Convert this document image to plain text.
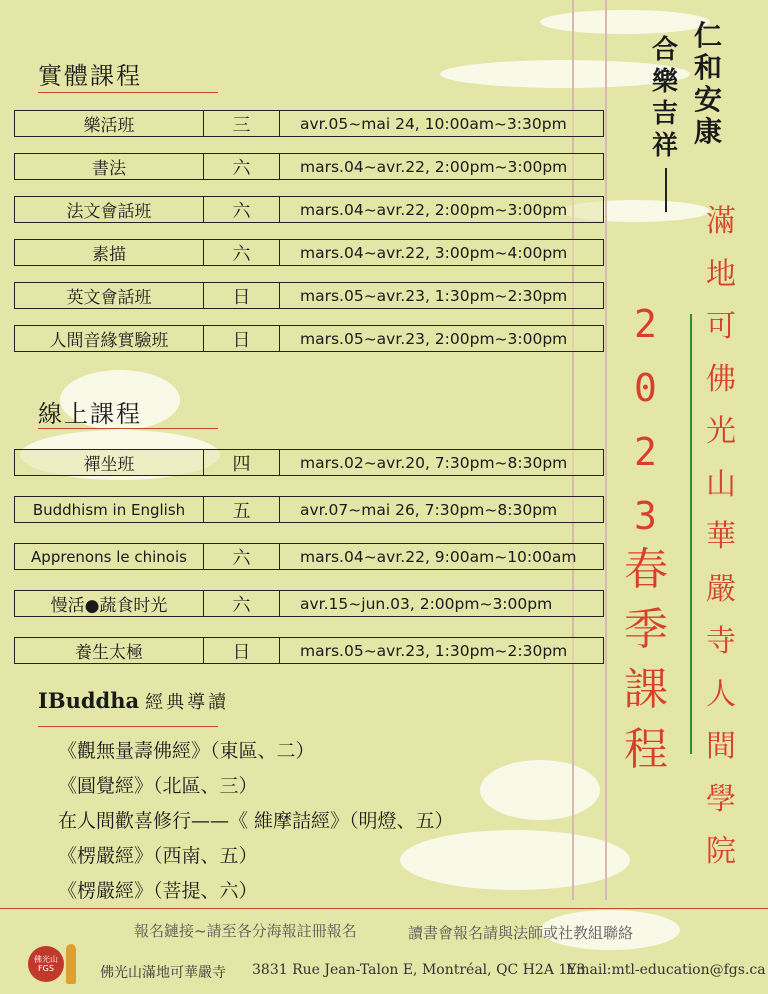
實體課程
樂活班	三	avr.05~mai 24, 10:00am~3:30pm
書法	六	mars.04~avr.22, 2:00pm~3:00pm
法文會話班	六	mars.04~avr.22, 2:00pm~3:00pm
素描	六	mars.04~avr.22, 3:00pm~4:00pm
英文會話班	日	mars.05~avr.23, 1:30pm~2:30pm
人間音緣實驗班	日	mars.05~avr.23, 2:00pm~3:00pm
線上課程
禪坐班	四	mars.02~avr.20, 7:30pm~8:30pm
Buddhism in English	五	avr.07~mai 26, 7:30pm~8:30pm
Apprenons le chinois	六	mars.04~avr.22, 9:00am~10:00am
慢活●蔬食时光	六	avr.15~jun.03, 2:00pm~3:00pm
養生太極	日	mars.05~avr.23, 1:30pm~2:30pm
IBuddha 經典導讀
《觀無量壽佛經》（東區、二）
《圓覺經》（北區、三）
在人間歡喜修行——《 維摩詰經》（明燈、五）
《楞嚴經》（西南、五）
《楞嚴經》（菩提、六）
仁
和
安
康
合
樂
吉
祥
滿
地
可
佛
光
山
華
嚴
寺
人
間
學
院
2
0
2
3
春
季
課
程
報名鏈接~請至各分海報註冊報名	讀書會報名請與法師或社教組聯絡
佛光山 FGS	佛光山滿地可華嚴寺 3831 Rue Jean-Talon E, Montréal, QC H2A 1Y3
Email:mtl-education@fgs.ca
